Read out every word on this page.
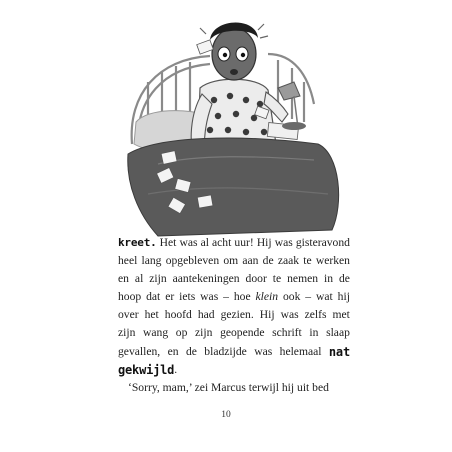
kreet. Het was al acht uur! Hij was gisteravond
heel lang opgebleven om aan de zaak te werken
en al zijn aantekeningen door te nemen in de
hoop dat er iets was – hoe klein ook – wat hij
over het hoofd had gezien. Hij was zelfs met
zijn wang op zijn geopende schrift in slaap
gevallen, en de bladzijde was helemaal nat
gekwijld .
‘Sorry, mam,’ zei Marcus terwijl hij uit bed
10
